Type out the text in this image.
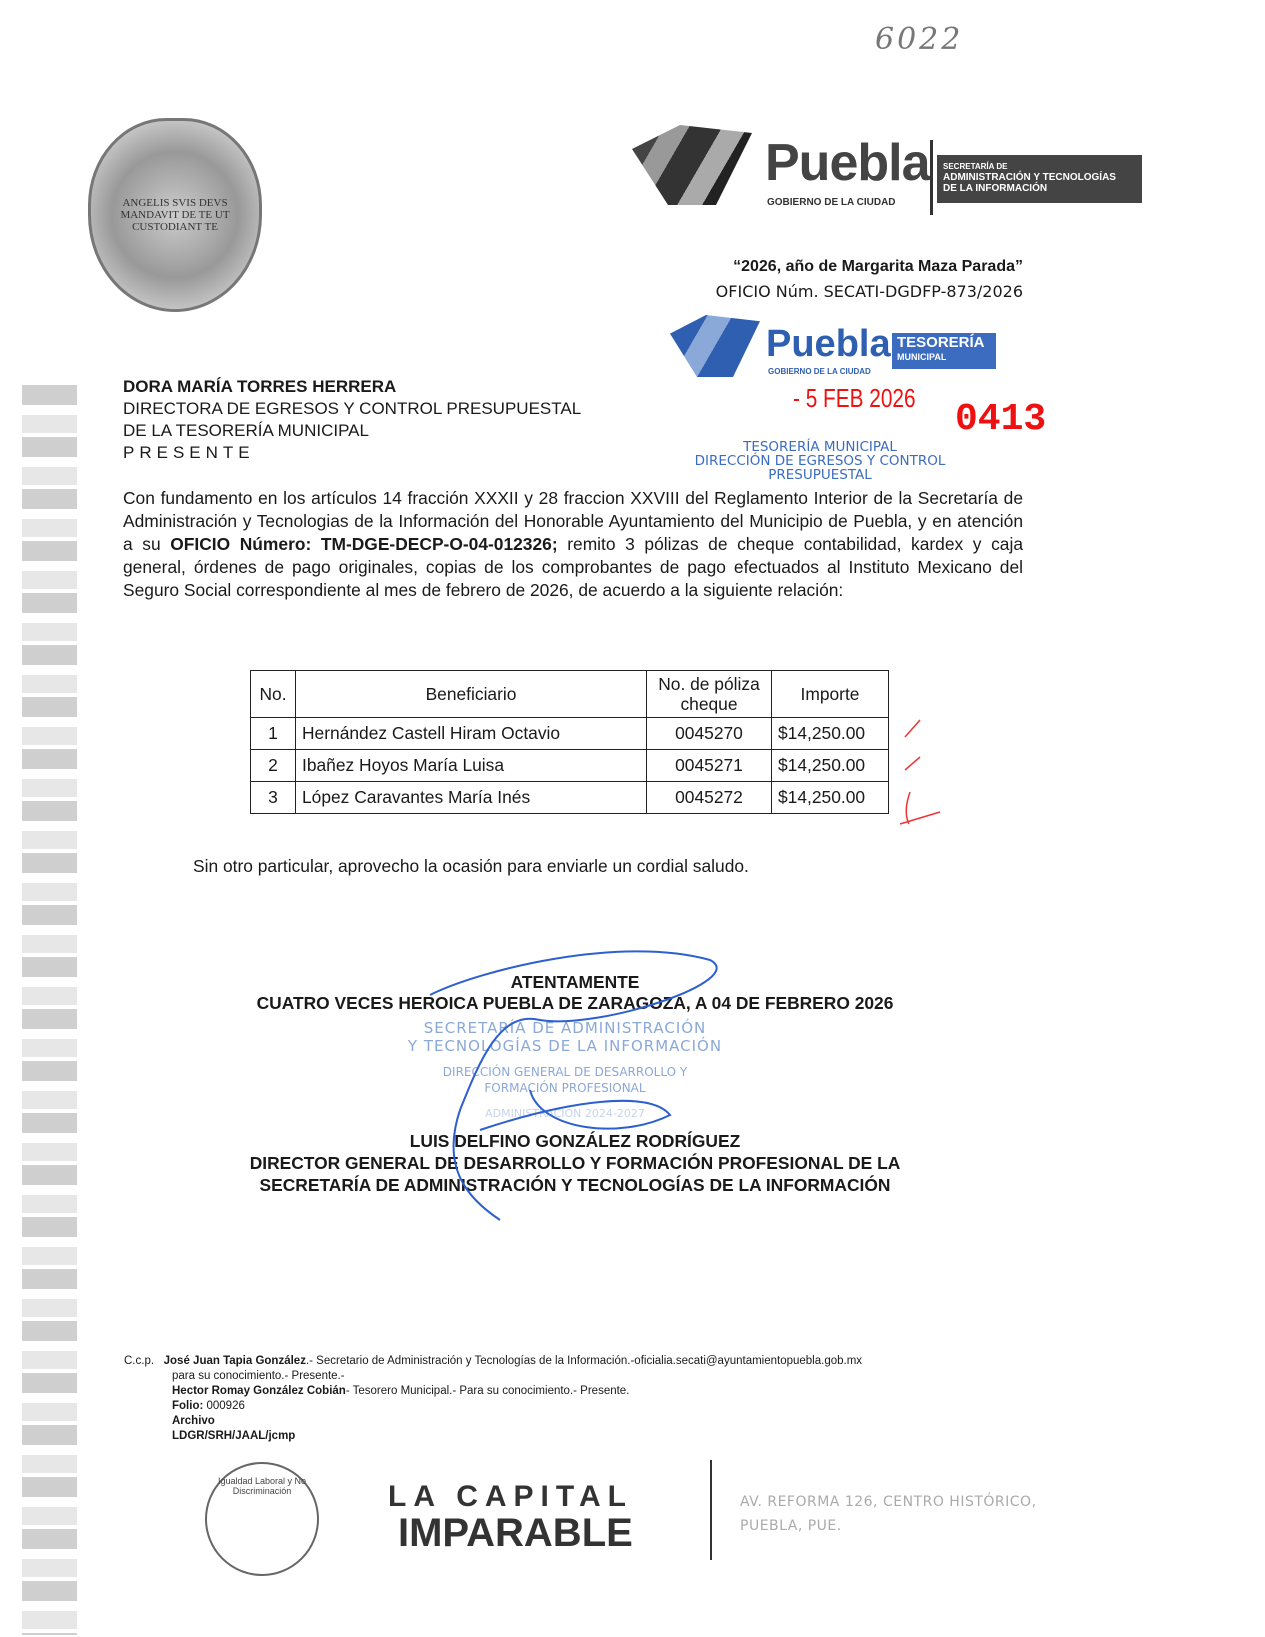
6022
ANGELIS SVIS DEVS MANDAVIT DE TE UT CUSTODIANT TE
Puebla
GOBIERNO DE LA CIUDAD
SECRETARÍA DE
ADMINISTRACIÓN Y TECNOLOGÍAS
DE LA INFORMACIÓN
“2026, año de Margarita Maza Parada”
OFICIO Núm. SECATI-DGDFP-873/2026
Puebla
GOBIERNO DE LA CIUDAD
TESORERÍA
MUNICIPAL
- 5 FEB 2026 0413
TESORERÍA MUNICIPAL
DIRECCIÓN DE EGRESOS Y CONTROL
PRESUPUESTAL
DORA MARÍA TORRES HERRERA
DIRECTORA DE EGRESOS Y CONTROL PRESUPUESTAL
DE LA TESORERÍA MUNICIPAL
PRESENTE
Con fundamento en los artículos 14 fracción XXXII y 28 fraccion XXVIII del Reglamento Interior de la Secretaría de Administración y Tecnologias de la Información del Honorable Ayuntamiento del Municipio de Puebla, y en atención a su OFICIO Número: TM-DGE-DECP-O-04-012326; remito 3 pólizas de cheque contabilidad, kardex y caja general, órdenes de pago originales, copias de los comprobantes de pago efectuados al Instituto Mexicano del Seguro Social correspondiente al mes de febrero de 2026, de acuerdo a la siguiente relación:
No.	Beneficiario	No. de póliza cheque	Importe
1	Hernández Castell Hiram Octavio	0045270	$14,250.00
2	Ibañez Hoyos María Luisa	0045271	$14,250.00
3	López Caravantes María Inés	0045272	$14,250.00
Sin otro particular, aprovecho la ocasión para enviarle un cordial saludo.
SECRETARÍA DE ADMINISTRACIÓN
Y TECNOLOGÍAS DE LA INFORMACIÓN
DIRECCIÓN GENERAL DE DESARROLLO Y
FORMACIÓN PROFESIONAL
ADMINISTRACIÓN 2024-2027
ATENTAMENTE
CUATRO VECES HEROICA PUEBLA DE ZARAGOZA, A 04 DE FEBRERO 2026
LUIS DELFINO GONZÁLEZ RODRÍGUEZ
DIRECTOR GENERAL DE DESARROLLO Y FORMACIÓN PROFESIONAL DE LA
SECRETARÍA DE ADMINISTRACIÓN Y TECNOLOGÍAS DE LA INFORMACIÓN
C.c.p. José Juan Tapia González.- Secretario de Administración y Tecnologías de la Información.-oficialia.secati@ayuntamientopuebla.gob.mx
para su conocimiento.- Presente.-
Hector Romay González Cobián- Tesorero Municipal.- Para su conocimiento.- Presente.
Folio: 000926
Archivo
LDGR/SRH/JAAL/jcmp
Igualdad Laboral y No Discriminación	LA CAPITAL
IMPARABLE
AV. REFORMA 126, CENTRO HISTÓRICO,
PUEBLA, PUE.
